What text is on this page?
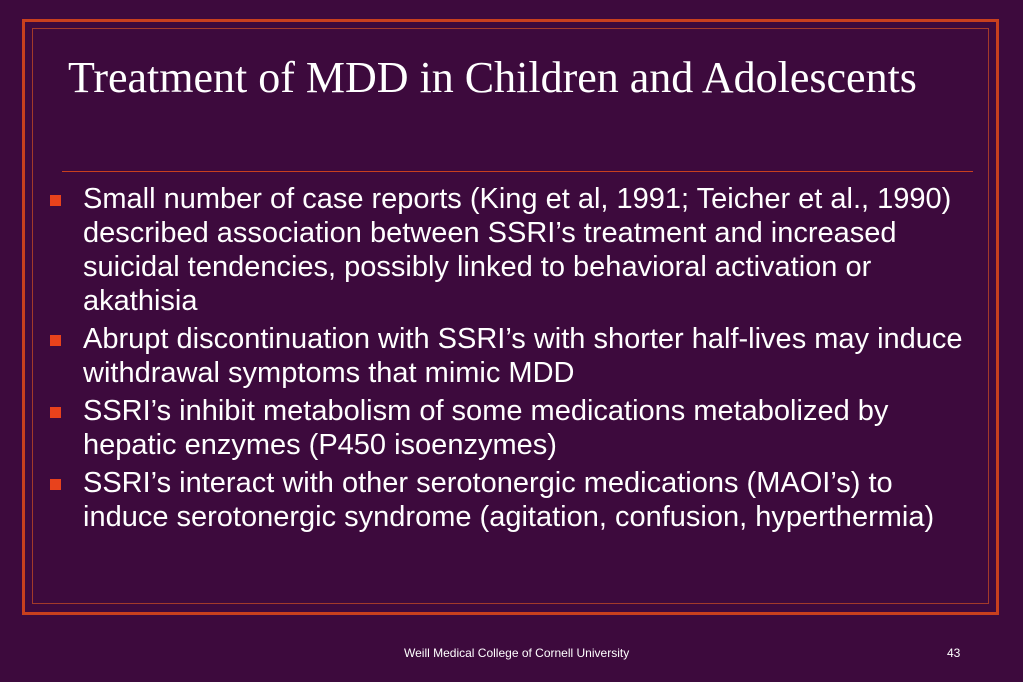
Treatment of MDD in Children and Adolescents
Small number of case reports (King et al, 1991; Teicher et al., 1990) described association between SSRI’s treatment and increased suicidal tendencies, possibly linked to behavioral activation or akathisia
Abrupt discontinuation with SSRI’s with shorter half-lives may induce withdrawal symptoms that mimic MDD
SSRI’s inhibit metabolism of some medications metabolized by hepatic enzymes (P450 isoenzymes)
SSRI’s interact with other serotonergic medications (MAOI’s) to induce serotonergic syndrome (agitation, confusion, hyperthermia)
Weill Medical College of Cornell University	43
